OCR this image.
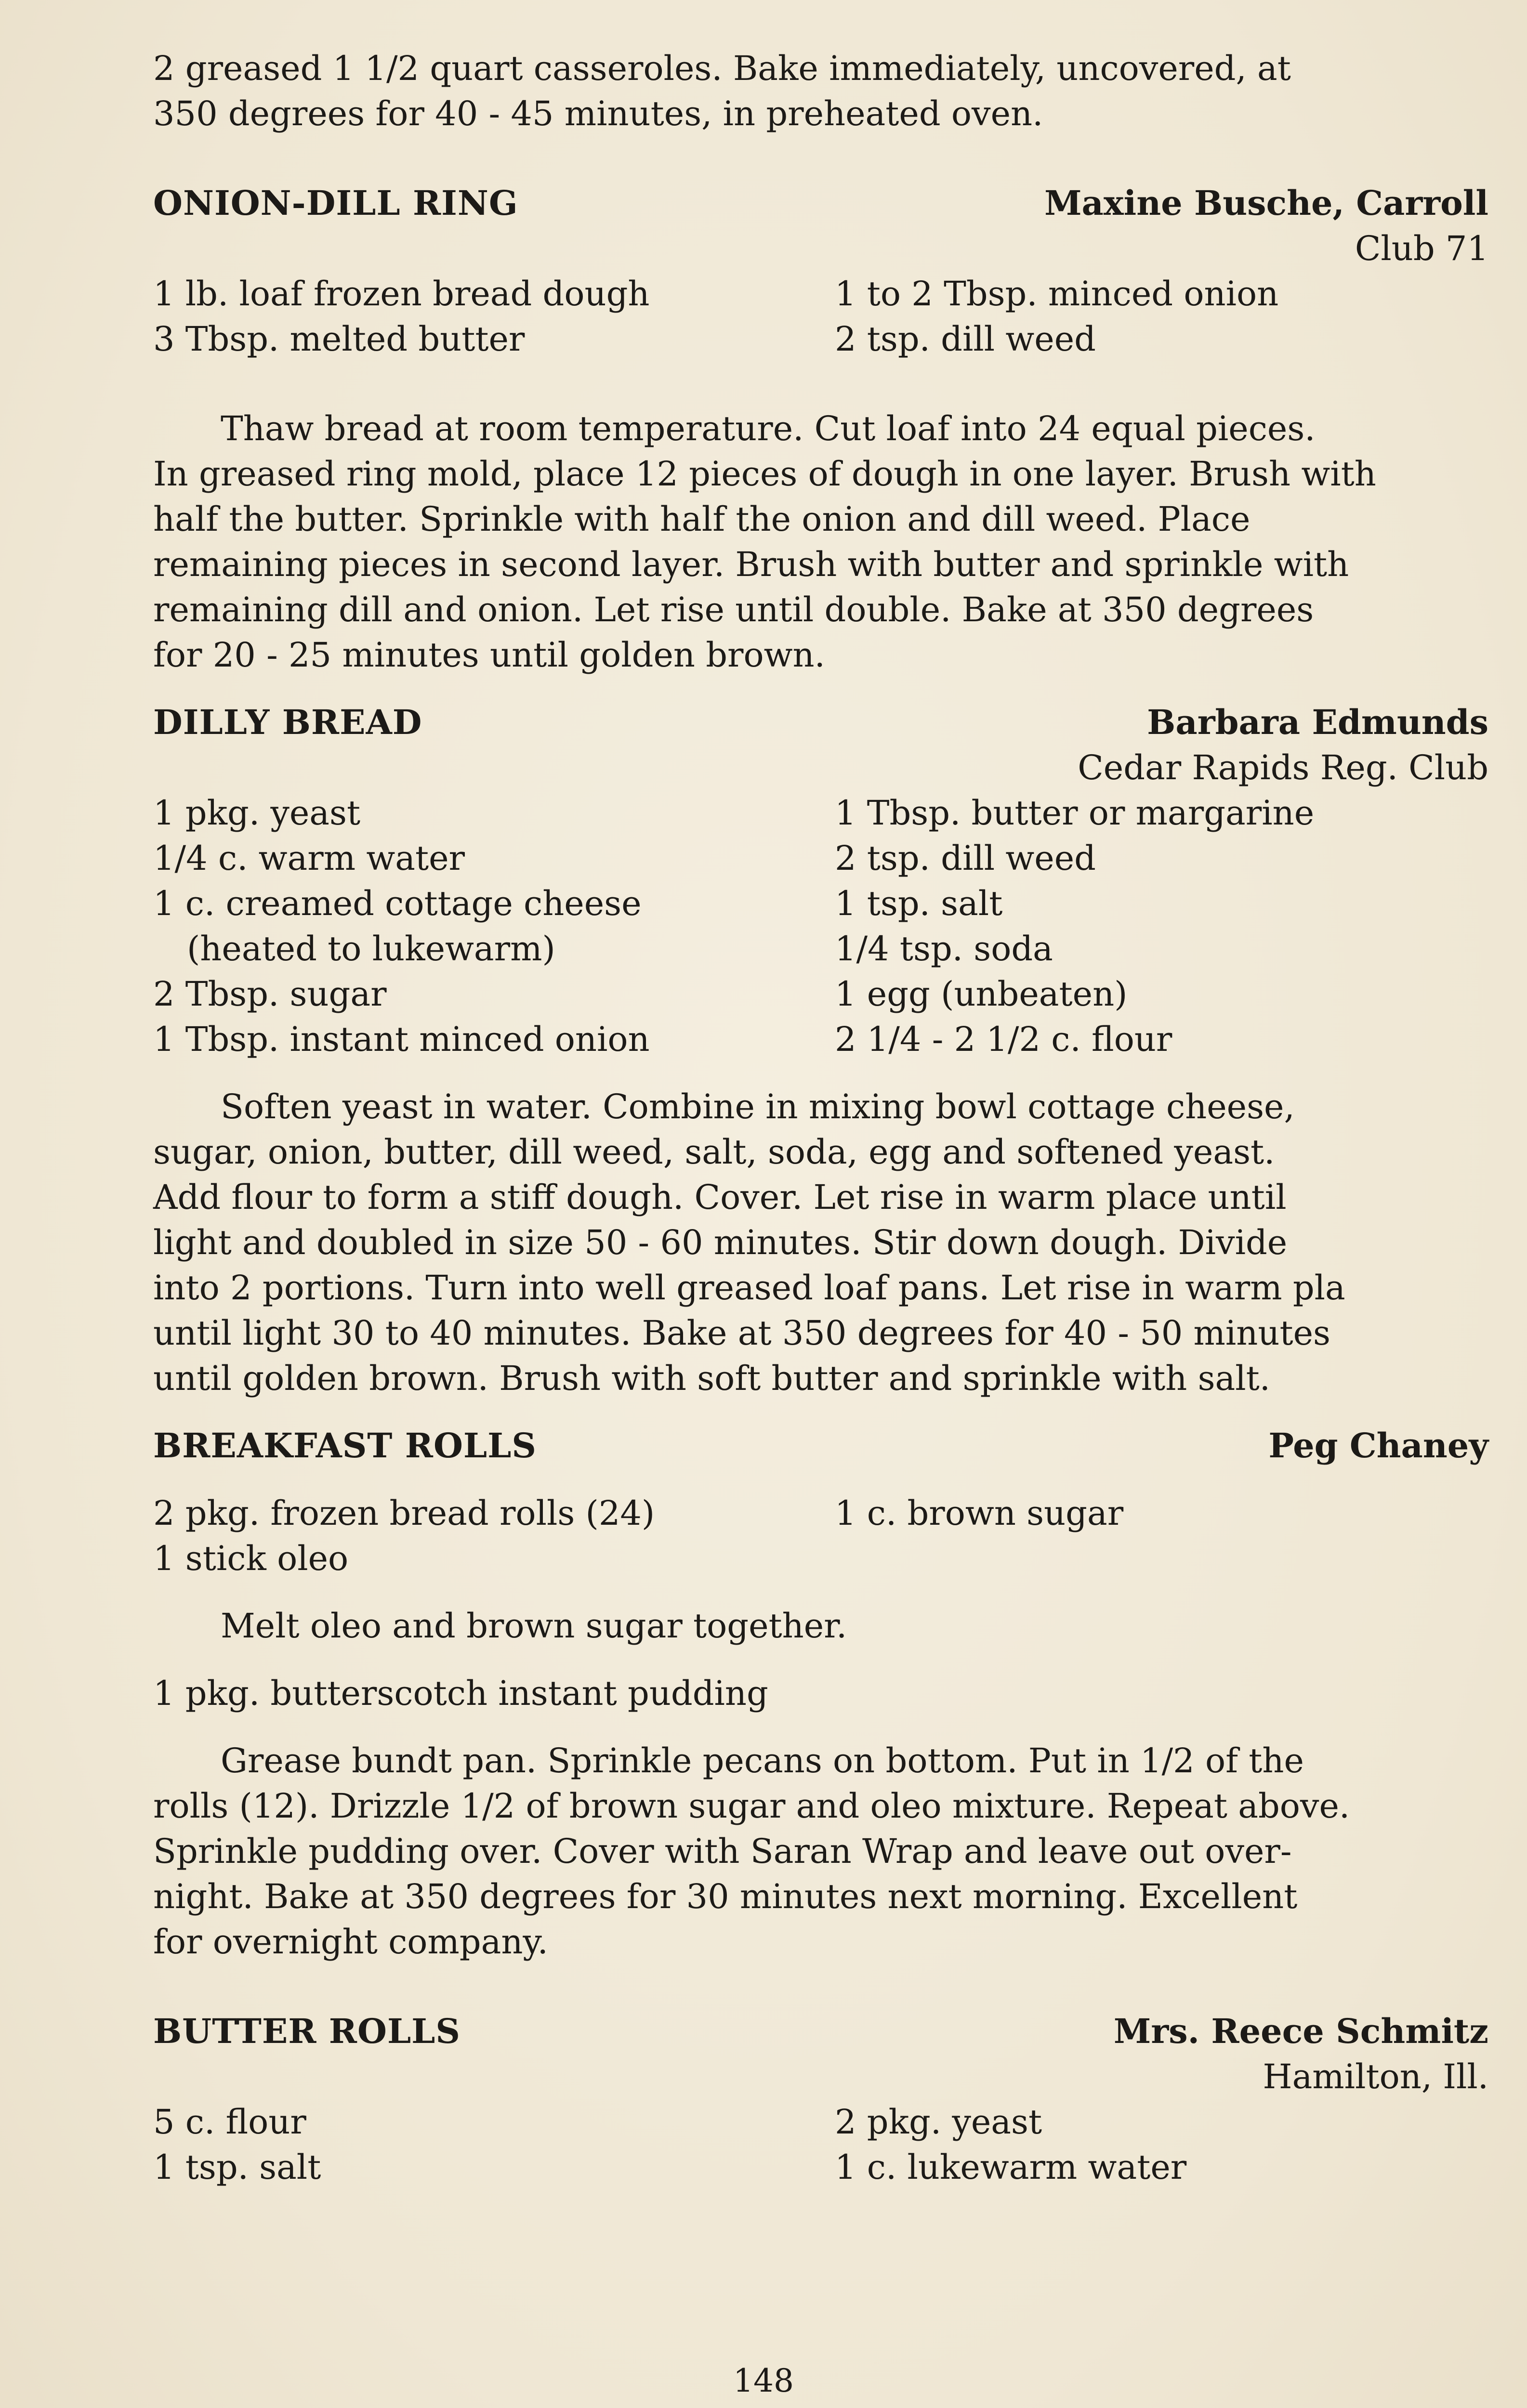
2 greased 1 1/2 quart casseroles. Bake immediately, uncovered, at
350 degrees for 40 - 45 minutes, in preheated oven.
ONION-DILL RING	Maxine Busche, Carroll
Club 71
1 lb. loaf frozen bread dough	1 to 2 Tbsp. minced onion
3 Tbsp. melted butter	2 tsp. dill weed
Thaw bread at room temperature. Cut loaf into 24 equal pieces.
In greased ring mold, place 12 pieces of dough in one layer. Brush with
half the butter. Sprinkle with half the onion and dill weed. Place
remaining pieces in second layer. Brush with butter and sprinkle with
remaining dill and onion. Let rise until double. Bake at 350 degrees
for 20 - 25 minutes until golden brown.
DILLY BREAD	Barbara Edmunds
Cedar Rapids Reg. Club
1 pkg. yeast	1 Tbsp. butter or margarine
1/4 c. warm water	2 tsp. dill weed
1 c. creamed cottage cheese	1 tsp. salt
(heated to lukewarm)	1/4 tsp. soda
2 Tbsp. sugar	1 egg (unbeaten)
1 Tbsp. instant minced onion	2 1/4 - 2 1/2 c. flour
Soften yeast in water. Combine in mixing bowl cottage cheese,
sugar, onion, butter, dill weed, salt, soda, egg and softened yeast.
Add flour to form a stiff dough. Cover. Let rise in warm place until
light and doubled in size 50 - 60 minutes. Stir down dough. Divide
into 2 portions. Turn into well greased loaf pans. Let rise in warm pla
until light 30 to 40 minutes. Bake at 350 degrees for 40 - 50 minutes
until golden brown. Brush with soft butter and sprinkle with salt.
BREAKFAST ROLLS	Peg Chaney
2 pkg. frozen bread rolls (24)	1 c. brown sugar
1 stick oleo
Melt oleo and brown sugar together.
1 pkg. butterscotch instant pudding
Grease bundt pan. Sprinkle pecans on bottom. Put in 1/2 of the
rolls (12). Drizzle 1/2 of brown sugar and oleo mixture. Repeat above.
Sprinkle pudding over. Cover with Saran Wrap and leave out over-
night. Bake at 350 degrees for 30 minutes next morning. Excellent
for overnight company.
BUTTER ROLLS	Mrs. Reece Schmitz
Hamilton, Ill.
5 c. flour	2 pkg. yeast
1 tsp. salt	1 c. lukewarm water
148
